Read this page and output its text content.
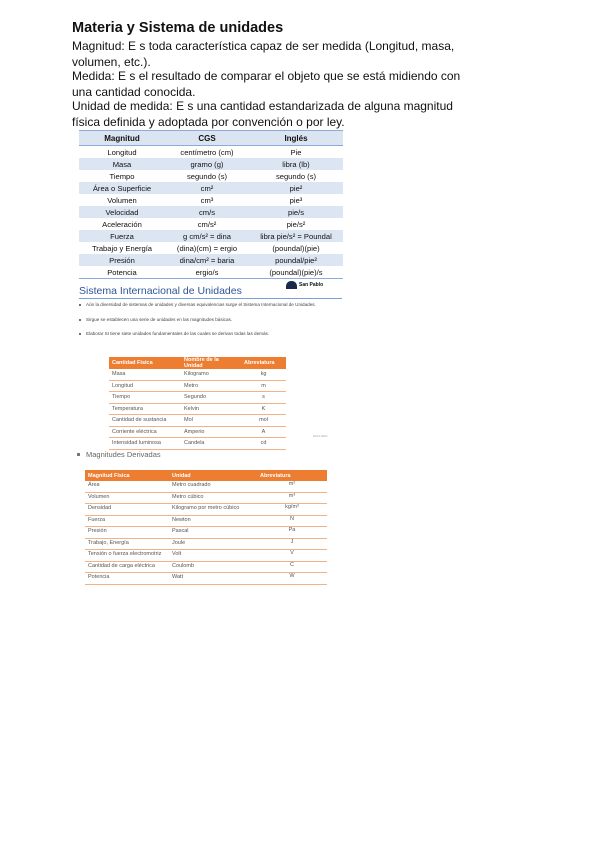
Materia y Sistema de unidades
Magnitud: E s toda característica capaz de ser medida (Longitud, masa, volumen, etc.).
Medida: E s el resultado de comparar el objeto que se está midiendo con una cantidad conocida.
Unidad de medida: E s una cantidad estandarizada de alguna magnitud física definida y adoptada por convención o por ley.
Magnitud	CGS	Inglés
Longitud	centímetro (cm)	Pie
Masa	gramo (g)	libra (lb)
Tiempo	segundo (s)	segundo (s)
Área o Superficie	cm²	pie²
Volumen	cm³	pie³
Velocidad	cm/s	pie/s
Aceleración	cm/s²	pie/s²
Fuerza	g cm/s² = dina	libra pie/s² = Poundal
Trabajo y Energía	(dina)(cm) = ergio	(poundal)(pie)
Presión	dina/cm² = baria	poundal/pie²
Potencia	ergio/s	(poundal)(pie)/s
Sistema Internacional de Unidades	San Pablo
Aún la diversidad de sistemas de unidades y diversas equivalencias surge el Sistema Internacional de Unidades.
Sirgue se establecen una serie de unidades en las magnitudes básicas.
Elaborar SI tiene siete unidades fundamentales de las cuales se derivan todas las demás.
Cantidad Física	Nombre de la Unidad	Abreviatura
Masa	Kilogramo	kg
Longitud	Metro	m
Tiempo	Segundo	s
Temperatura	Kelvin	K
Cantidad de sustancia	Mol	mol
Corriente eléctrica	Amperio	A
Intensidad luminosa	Candela	cd
uuu.uuu
Magnitudes Derivadas
Magnitud Física	Unidad	Abreviatura
Área	Metro cuadrado	m²
Volumen	Metro cúbico	m³
Densidad	Kilogramo por metro cúbico	kg/m³
Fuerza	Newton	N
Presión	Pascal	Pa
Trabajo, Energía	Joule	J
Tensión o fuerza electromotriz	Volt	V
Cantidad de carga eléctrica	Coulomb	C
Potencia	Watt	W
